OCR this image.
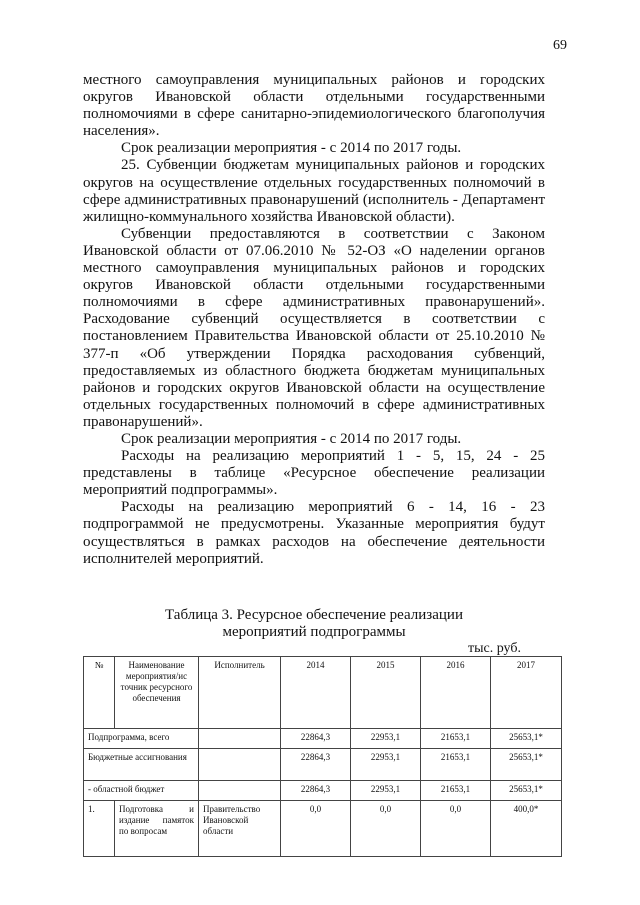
69

местного самоуправления муниципальных районов и городских округов Ивановской области отдельными государственными полномочиями в сфере санитарно-эпидемиологического благополучия населения».

Срок реализации мероприятия - с 2014 по 2017 годы.

25. Субвенции бюджетам муниципальных районов и городских округов на осуществление отдельных государственных полномочий в сфере административных правонарушений (исполнитель - Департамент жилищно-коммунального хозяйства Ивановской области).

Субвенции предоставляются в соответствии с Законом Ивановской области от 07.06.2010 № 52-ОЗ «О наделении органов местного самоуправления муниципальных районов и городских округов Ивановской области отдельными государственными полномочиями в сфере административных правонарушений». Расходование субвенций осуществляется в соответствии с постановлением Правительства Ивановской области от 25.10.2010 № 377-п «Об утверждении Порядка расходования субвенций, предоставляемых из областного бюджета бюджетам муниципальных районов и городских округов Ивановской области на осуществление отдельных государственных полномочий в сфере административных правонарушений».

Срок реализации мероприятия - с 2014 по 2017 годы.

Расходы на реализацию мероприятий 1 - 5, 15, 24 - 25 представлены в таблице «Ресурсное обеспечение реализации мероприятий подпрограммы».

Расходы на реализацию мероприятий 6 - 14, 16 - 23 подпрограммой не предусмотрены. Указанные мероприятия будут осуществляться в рамках расходов на обеспечение деятельности исполнителей мероприятий.

Таблица 3. Ресурсное обеспечение реализации
мероприятий подпрограммы
тыс. руб.
№	Наименование мероприятия/ис точник ресурсного обеспечения	Исполнитель	2014	2015	2016	2017
Подпрограмма, всего			22864,3	22953,1	21653,1	25653,1*
Бюджетные ассигнования			22864,3	22953,1	21653,1	25653,1*
- областной бюджет			22864,3	22953,1	21653,1	25653,1*
1.	Подготовка и издание памяток по вопросам	Правительство Ивановской области	0,0	0,0	0,0	400,0*
